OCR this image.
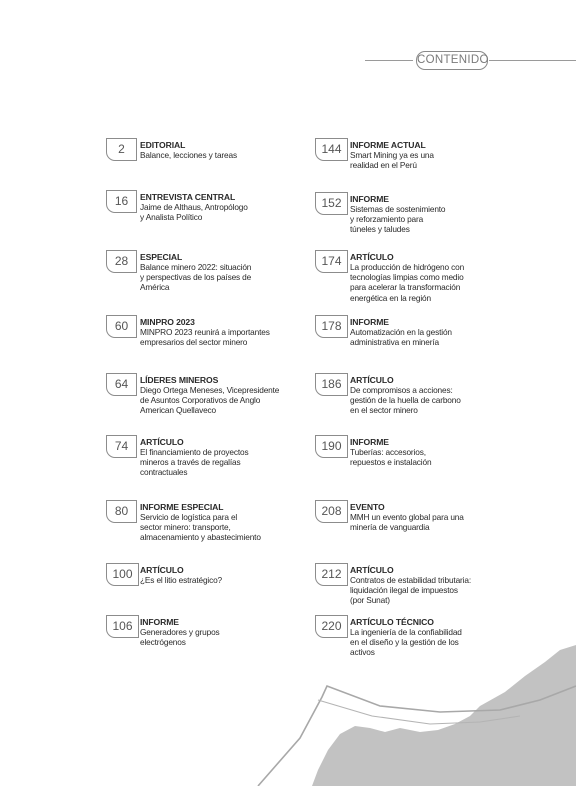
CONTENIDO
2	EDITORIAL
Balance, lecciones y tareas
16	ENTREVISTA CENTRAL
Jaime de Althaus, Antropólogo
y Analista Político
28	ESPECIAL
Balance minero 2022: situación
y perspectivas de los países de
América
60	MINPRO 2023
MINPRO 2023 reunirá a importantes
empresarios del sector minero
64	LÍDERES MINEROS
Diego Ortega Meneses, Vicepresidente
de Asuntos Corporativos de Anglo
American Quellaveco
74	ARTÍCULO
El financiamiento de proyectos
mineros a través de regalías
contractuales
80	INFORME ESPECIAL
Servicio de logística para el
sector minero: transporte,
almacenamiento y abastecimiento
100 ARTÍCULO
¿Es el litio estratégico?
106 INFORME
Generadores y grupos
electrógenos
144 INFORME ACTUAL
Smart Mining ya es una
realidad en el Perú
152 INFORME
Sistemas de sostenimiento
y reforzamiento para
túneles y taludes
174 ARTÍCULO
La producción de hidrógeno con
tecnologías limpias como medio
para acelerar la transformación
energética en la región
178 INFORME
Automatización en la gestión
administrativa en minería
186 ARTÍCULO
De compromisos a acciones:
gestión de la huella de carbono
en el sector minero
190 INFORME
Tuberías: accesorios,
repuestos e instalación
208 EVENTO
MMH un evento global para una
minería de vanguardia
212 ARTÍCULO
Contratos de estabilidad tributaria:
liquidación ilegal de impuestos
(por Sunat)
220 ARTÍCULO TÉCNICO
La ingeniería de la confiabilidad
en el diseño y la gestión de los
activos
